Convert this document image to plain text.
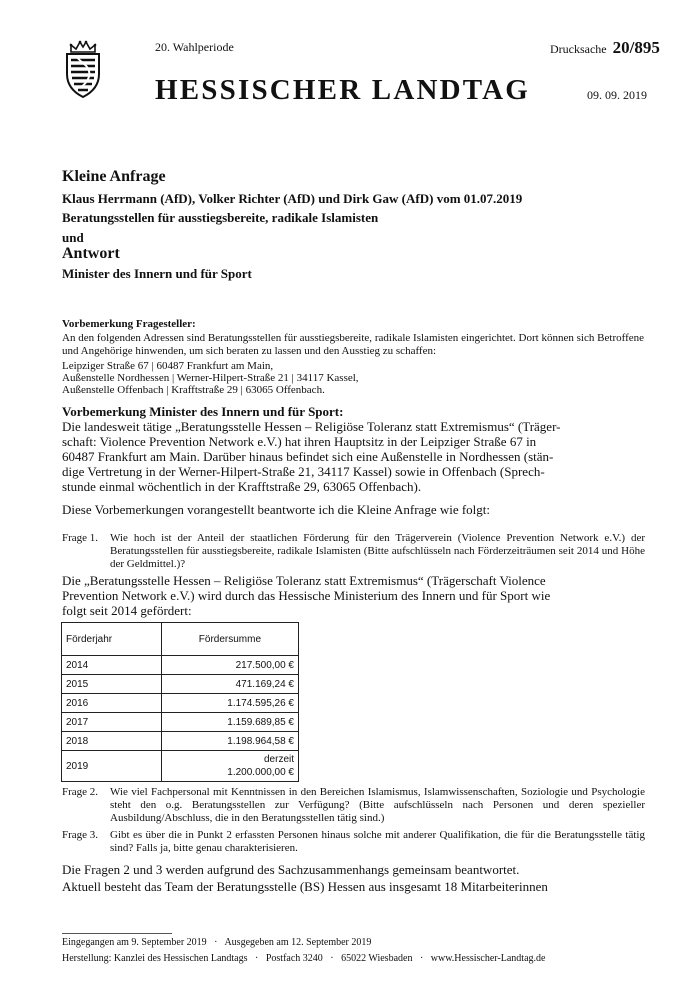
20. Wahlperiode	Drucksache 20/895
HESSISCHER LANDTAG	09. 09. 2019
Kleine Anfrage
Klaus Herrmann (AfD), Volker Richter (AfD) und Dirk Gaw (AfD) vom 01.07.2019
Beratungsstellen für ausstiegsbereite, radikale Islamisten
und
Antwort
Minister des Innern und für Sport
Vorbemerkung Fragesteller:
An den folgenden Adressen sind Beratungsstellen für ausstiegsbereite, radikale Islamisten eingerichtet. Dort können sich Betroffene und Angehörige hinwenden, um sich beraten zu lassen und den Ausstieg zu schaffen:
Leipziger Straße 67 | 60487 Frankfurt am Main,
Außenstelle Nordhessen | Werner-Hilpert-Straße 21 | 34117 Kassel,
Außenstelle Offenbach | Krafftstraße 29 | 63065 Offenbach.
Vorbemerkung Minister des Innern und für Sport:
Die landesweit tätige „Beratungsstelle Hessen – Religiöse Toleranz statt Extremismus“ (Träger-
schaft: Violence Prevention Network e.V.) hat ihren Hauptsitz in der Leipziger Straße 67 in
60487 Frankfurt am Main. Darüber hinaus befindet sich eine Außenstelle in Nordhessen (stän-
dige Vertretung in der Werner-Hilpert-Straße 21, 34117 Kassel) sowie in Offenbach (Sprech-
stunde einmal wöchentlich in der Krafftstraße 29, 63065 Offenbach).
Diese Vorbemerkungen vorangestellt beantworte ich die Kleine Anfrage wie folgt:
Frage 1. Wie hoch ist der Anteil der staatlichen Förderung für den Trägerverein (Violence Prevention Network e.V.) der Beratungsstellen für ausstiegsbereite, radikale Islamisten (Bitte aufschlüsseln nach Förderzeiträumen seit 2014 und Höhe der Geldmittel.)?
Die „Beratungsstelle Hessen – Religiöse Toleranz statt Extremismus“ (Trägerschaft Violence
Prevention Network e.V.) wird durch das Hessische Ministerium des Innern und für Sport wie
folgt seit 2014 gefördert:
Förderjahr	Fördersumme
2014	217.500,00 €
2015	471.169,24 €
2016	1.174.595,26 €
2017	1.159.689,85 €
2018	1.198.964,58 €
2019	derzeit
1.200.000,00 €
Frage 2. Wie viel Fachpersonal mit Kenntnissen in den Bereichen Islamismus, Islamwissenschaften, Soziologie und Psychologie steht den o.g. Beratungsstellen zur Verfügung? (Bitte aufschlüsseln nach Personen und deren spezieller Ausbildung/Abschluss, die in den Beratungsstellen tätig sind.)
Frage 3. Gibt es über die in Punkt 2 erfassten Personen hinaus solche mit anderer Qualifikation, die für die Beratungsstelle tätig sind? Falls ja, bitte genau charakterisieren.
Die Fragen 2 und 3 werden aufgrund des Sachzusammenhangs gemeinsam beantwortet.
Aktuell besteht das Team der Beratungsstelle (BS) Hessen aus insgesamt 18 Mitarbeiterinnen
Eingegangen am 9. September 2019   ·   Ausgegeben am 12. September 2019
Herstellung: Kanzlei des Hessischen Landtags   ·   Postfach 3240   ·   65022 Wiesbaden   ·   www.Hessischer-Landtag.de
